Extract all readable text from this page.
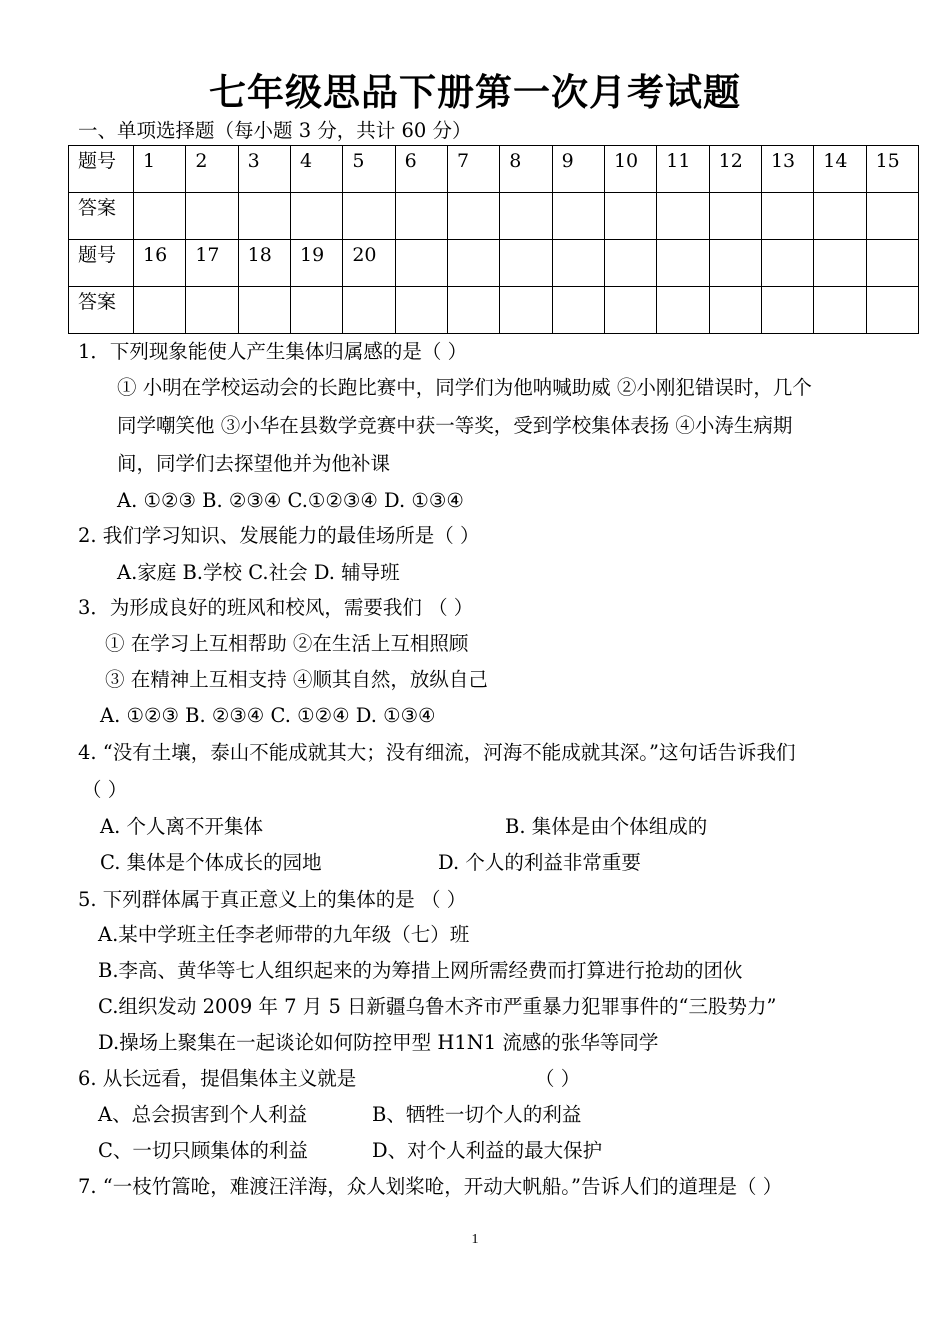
七年级思品下册第一次月考试题
一、单项选择题（每小题 3 分，共计 60 分）
题号	1	2	3	4	5	6	7	8	9	10	11	12	13	14	15
答案															
题号	16	17	18	19	20										
答案															
1．下列现象能使人产生集体归属感的是（ ）
① 小明在学校运动会的长跑比赛中，同学们为他呐喊助威 ②小刚犯错误时，几个
同学嘲笑他 ③小华在县数学竞赛中获一等奖，受到学校集体表扬 ④小涛生病期
间，同学们去探望他并为他补课
A. ①②③ B. ②③④ C.①②③④ D. ①③④
2. 我们学习知识、发展能力的最佳场所是（ ）
A.家庭 B.学校 C.社会 D. 辅导班
3．为形成良好的班风和校风，需要我们 （ ）
① 在学习上互相帮助 ②在生活上互相照顾
③ 在精神上互相支持 ④顺其自然，放纵自己
A. ①②③ B. ②③④ C. ①②④ D. ①③④
4. “没有土壤，泰山不能成就其大；没有细流，河海不能成就其深。”这句话告诉我们
（ ）
A. 个人离不开集体	B. 集体是由个体组成的
C. 集体是个体成长的园地	D. 个人的利益非常重要
5. 下列群体属于真正意义上的集体的是 （ ）
A.某中学班主任李老师带的九年级（七）班
B.李高、黄华等七人组织起来的为筹措上网所需经费而打算进行抢劫的团伙
C.组织发动 2009 年 7 月 5 日新疆乌鲁木齐市严重暴力犯罪事件的“三股势力”
D.操场上聚集在一起谈论如何防控甲型 H1N1 流感的张华等同学
6. 从长远看，提倡集体主义就是	（ ）
A、总会损害到个人利益	B、牺牲一切个人的利益
C、一切只顾集体的利益	D、对个人利益的最大保护
7. “一枝竹篙呛，难渡汪洋海，众人划桨呛，开动大帆船。”告诉人们的道理是（ ）
1
